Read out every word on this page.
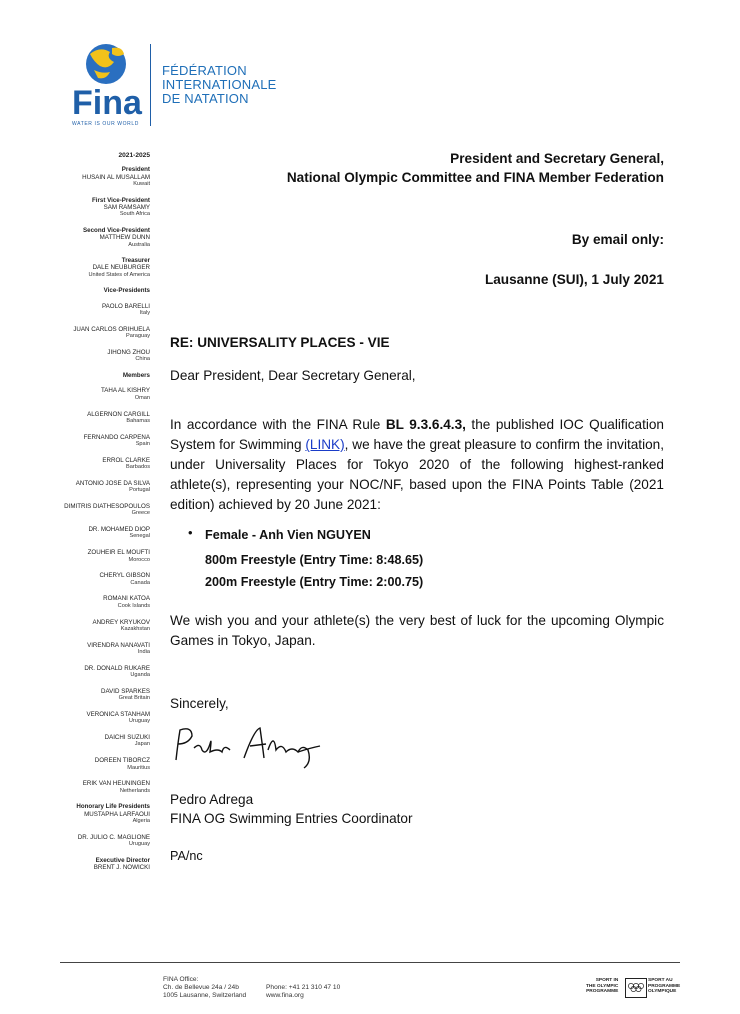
Fina
FÉDÉRATION
INTERNATIONALE
DE NATATION
WATER IS OUR WORLD
2021-2025
President
HUSAIN AL MUSALLAM
Kuwait
First Vice-President
SAM RAMSAMY
South Africa
Second Vice-President
MATTHEW DUNN
Australia
Treasurer
DALE NEUBURGER
United States of America
Vice-Presidents
PAOLO BARELLI
Italy
JUAN CARLOS ORIHUELA
Paraguay
JIHONG ZHOU
China
Members
TAHA AL KISHRY
Oman
ALGERNON CARGILL
Bahamas
FERNANDO CARPENA
Spain
ERROL CLARKE
Barbados
ANTONIO JOSE DA SILVA
Portugal
DIMITRIS DIATHESOPOULOS
Greece
DR. MOHAMED DIOP
Senegal
ZOUHEIR EL MOUFTI
Morocco
CHERYL GIBSON
Canada
ROMANI KATOA
Cook Islands
ANDREY KRYUKOV
Kazakhstan
VIRENDRA NANAVATI
India
DR. DONALD RUKARE
Uganda
DAVID SPARKES
Great Britain
VERONICA STANHAM
Uruguay
DAICHI SUZUKI
Japan
DOREEN TIBORCZ
Mauritius
ERIK VAN HEUNINGEN
Netherlands
Honorary Life Presidents
MUSTAPHA LARFAOUI
Algeria
DR. JULIO C. MAGLIONE
Uruguay
Executive Director
BRENT J. NOWICKI
President and Secretary General,
National Olympic Committee and FINA Member Federation
By email only:
Lausanne (SUI), 1 July 2021
RE: UNIVERSALITY PLACES - VIE
Dear President, Dear Secretary General,
In accordance with the FINA Rule BL 9.3.6.4.3, the published IOC Qualification System for Swimming (LINK), we have the great pleasure to confirm the invitation, under Universality Places for Tokyo 2020 of the following highest-ranked athlete(s), representing your NOC/NF, based upon the FINA Points Table (2021 edition) achieved by 20 June 2021:
• Female - Anh Vien NGUYEN
800m Freestyle (Entry Time: 8:48.65)
200m Freestyle (Entry Time: 2:00.75)
We wish you and your athlete(s) the very best of luck for the upcoming Olympic Games in Tokyo, Japan.
Sincerely,
Pedro Adrega
FINA OG Swimming Entries Coordinator
PA/nc
FINA Office:
Ch. de Bellevue 24a / 24b
1005 Lausanne, Switzerland
Phone: +41 21 310 47 10
www.fina.org
SPORT IN
THE OLYMPIC
PROGRAMME
SPORT AU
PROGRAMME
OLYMPIQUE
